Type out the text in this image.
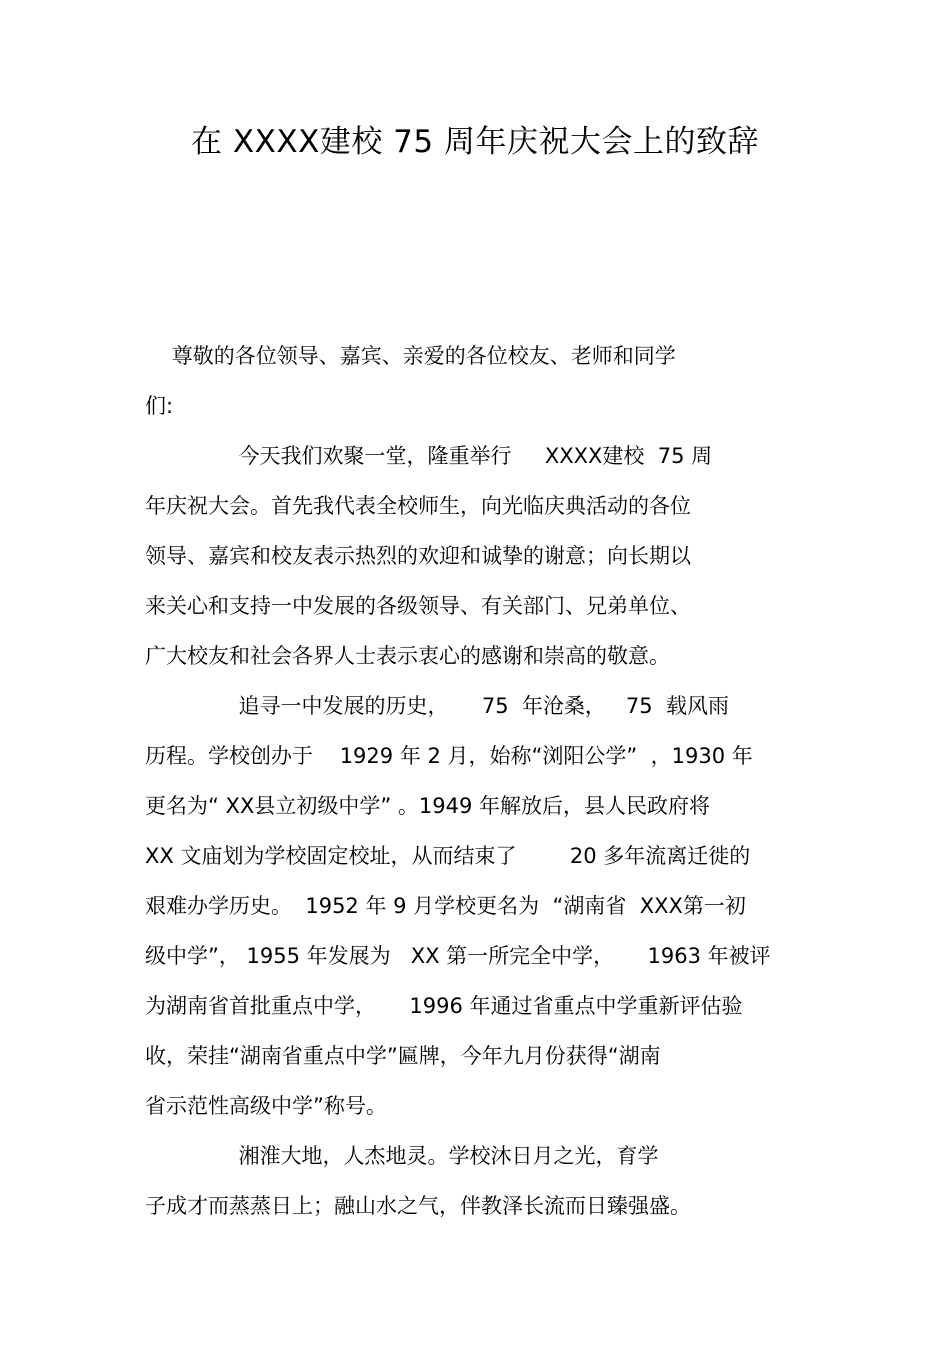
在 XXXX建校 75 周年庆祝大会上的致辞
尊敬的各位领导、嘉宾、亲爱的各位校友、老师和同学
们:
今天我们欢聚一堂，隆重举行     XXXX建校  75 周
年庆祝大会。首先我代表全校师生，向光临庆典活动的各位
领导、嘉宾和校友表示热烈的欢迎和诚挚的谢意；向长期以
来关心和支持一中发展的各级领导、有关部门、兄弟单位、
广大校友和社会各界人士表示衷心的感谢和崇高的敬意。
追寻一中发展的历史，     75  年沧桑，   75  载风雨
历程。学校创办于    1929 年 2 月，始称“浏阳公学”  ，1930 年
更名为“ XX县立初级中学” 。1949 年解放后，县人民政府将
XX 文庙划为学校固定校址，从而结束了        20 多年流离迁徙的
艰难办学历史。  1952 年 9 月学校更名为  “湖南省  XXX第一初
级中学”， 1955 年发展为   XX 第一所完全中学，     1963 年被评
为湖南省首批重点中学，     1996 年通过省重点中学重新评估验
收，荣挂“湖南省重点中学”匾牌，今年九月份获得“湖南
省示范性高级中学”称号。
湘淮大地，人杰地灵。学校沐日月之光，育学
子成才而蒸蒸日上；融山水之气，伴教泽长流而日臻强盛。
